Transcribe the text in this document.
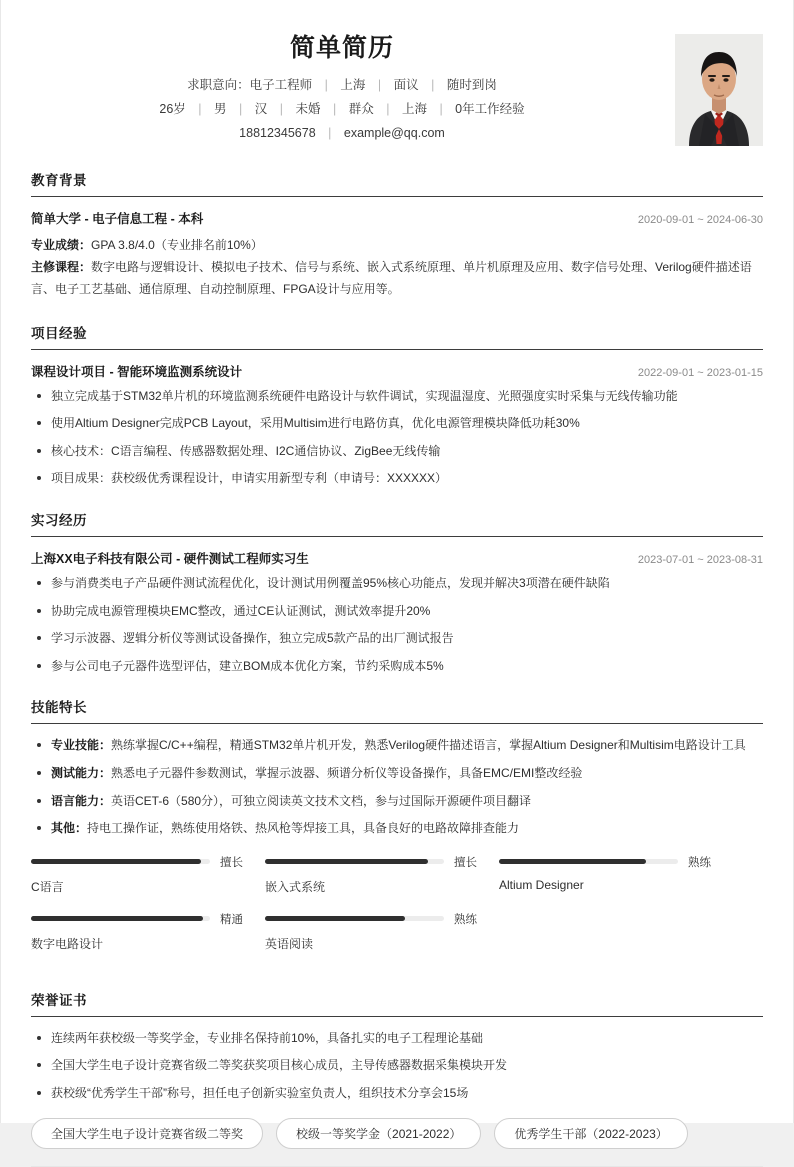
简单简历
求职意向：电子工程师 | 上海 | 面议 | 随时到岗
26岁 | 男 | 汉 | 未婚 | 群众 | 上海 | 0年工作经验
18812345678 | example@qq.com
教育背景
简单大学 - 电子信息工程 - 本科	2020-09-01 ~ 2024-06-30
专业成绩：GPA 3.8/4.0（专业排名前10%）
主修课程：数字电路与逻辑设计、模拟电子技术、信号与系统、嵌入式系统原理、单片机原理及应用、数字信号处理、Verilog硬件描述语言、电子工艺基础、通信原理、自动控制原理、FPGA设计与应用等。
项目经验
课程设计项目 - 智能环境监测系统设计	2022-09-01 ~ 2023-01-15
独立完成基于STM32单片机的环境监测系统硬件电路设计与软件调试，实现温湿度、光照强度实时采集与无线传输功能
使用Altium Designer完成PCB Layout，采用Multisim进行电路仿真，优化电源管理模块降低功耗30%
核心技术：C语言编程、传感器数据处理、I2C通信协议、ZigBee无线传输
项目成果：获校级优秀课程设计，申请实用新型专利（申请号：XXXXXX）
实习经历
上海XX电子科技有限公司 - 硬件测试工程师实习生	2023-07-01 ~ 2023-08-31
参与消费类电子产品硬件测试流程优化，设计测试用例覆盖95%核心功能点，发现并解决3项潜在硬件缺陷
协助完成电源管理模块EMC整改，通过CE认证测试，测试效率提升20%
学习示波器、逻辑分析仪等测试设备操作，独立完成5款产品的出厂测试报告
参与公司电子元器件选型评估，建立BOM成本优化方案，节约采购成本5%
技能特长
专业技能：熟练掌握C/C++编程，精通STM32单片机开发，熟悉Verilog硬件描述语言，掌握Altium Designer和Multisim电路设计工具
测试能力：熟悉电子元器件参数测试，掌握示波器、频谱分析仪等设备操作，具备EMC/EMI整改经验
语言能力：英语CET-6（580分），可独立阅读英文技术文档，参与过国际开源硬件项目翻译
其他：持电工操作证，熟练使用烙铁、热风枪等焊接工具，具备良好的电路故障排查能力
擅长
C语言
擅长
嵌入式系统
熟练
Altium Designer
精通
数字电路设计
熟练
英语阅读
荣誉证书
连续两年获校级一等奖学金，专业排名保持前10%，具备扎实的电子工程理论基础
全国大学生电子设计竞赛省级二等奖获奖项目核心成员，主导传感器数据采集模块开发
获校级“优秀学生干部”称号，担任电子创新实验室负责人，组织技术分享会15场
全国大学生电子设计竞赛省级二等奖	校级一等奖学金（2021-2022）	优秀学生干部（2022-2023）
